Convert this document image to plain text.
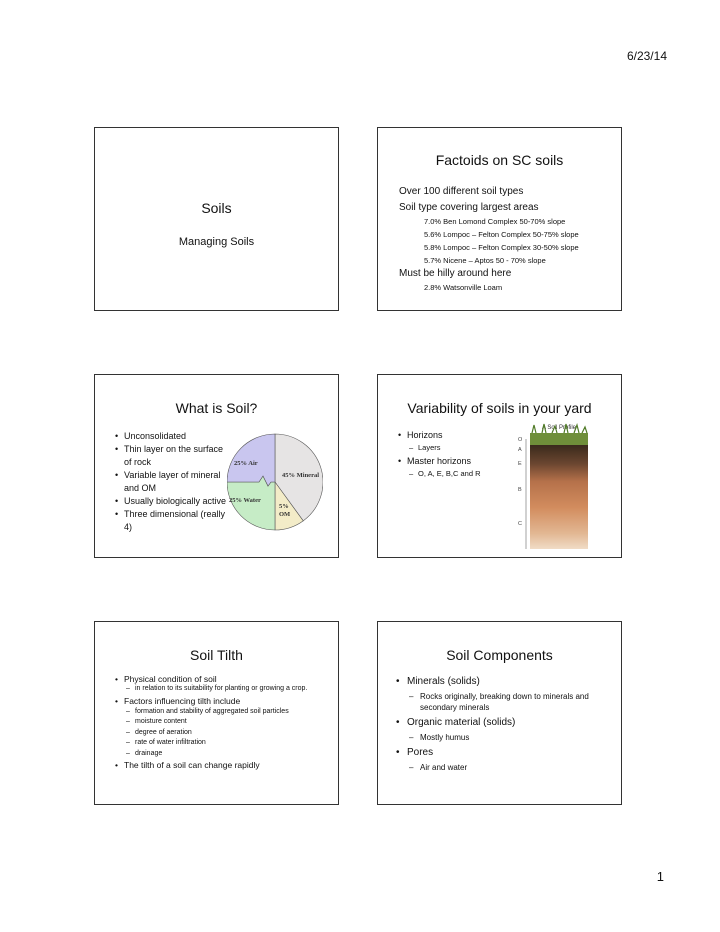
6/23/14
Soils
Managing Soils
Factoids on SC soils
Over 100 different soil types
Soil type covering largest areas
7.0% Ben Lomond Complex 50-70% slope
5.6% Lompoc – Felton Complex 50-75% slope
5.8% Lompoc – Felton Complex 30-50% slope
5.7% Nicene – Aptos 50 - 70% slope
Must be hilly around here
2.8% Watsonville Loam
What is Soil?
• Unconsolidated
• Thin layer on the surface of rock
• Variable layer of mineral and OM
• Usually biologically active
• Three dimensional (really 4)
25% Air
45% Mineral
25% Water
5% OM
Variability of soils in your yard
• Horizons
– Layers
• Master horizons
– O, A, E, B,C and R
A Soil Profile
O
A
E
B
C
Soil Tilth
• Physical condition of soil
– in relation to its suitability for planting or growing a crop.
• Factors influencing tilth include
– formation and stability of aggregated soil particles
– moisture content
– degree of aeration
– rate of water infiltration
– drainage
• The tilth of a soil can change rapidly
Soil Components
• Minerals (solids)
– Rocks originally, breaking down to minerals and secondary minerals
• Organic material (solids)
– Mostly humus
• Pores
– Air and water
1
